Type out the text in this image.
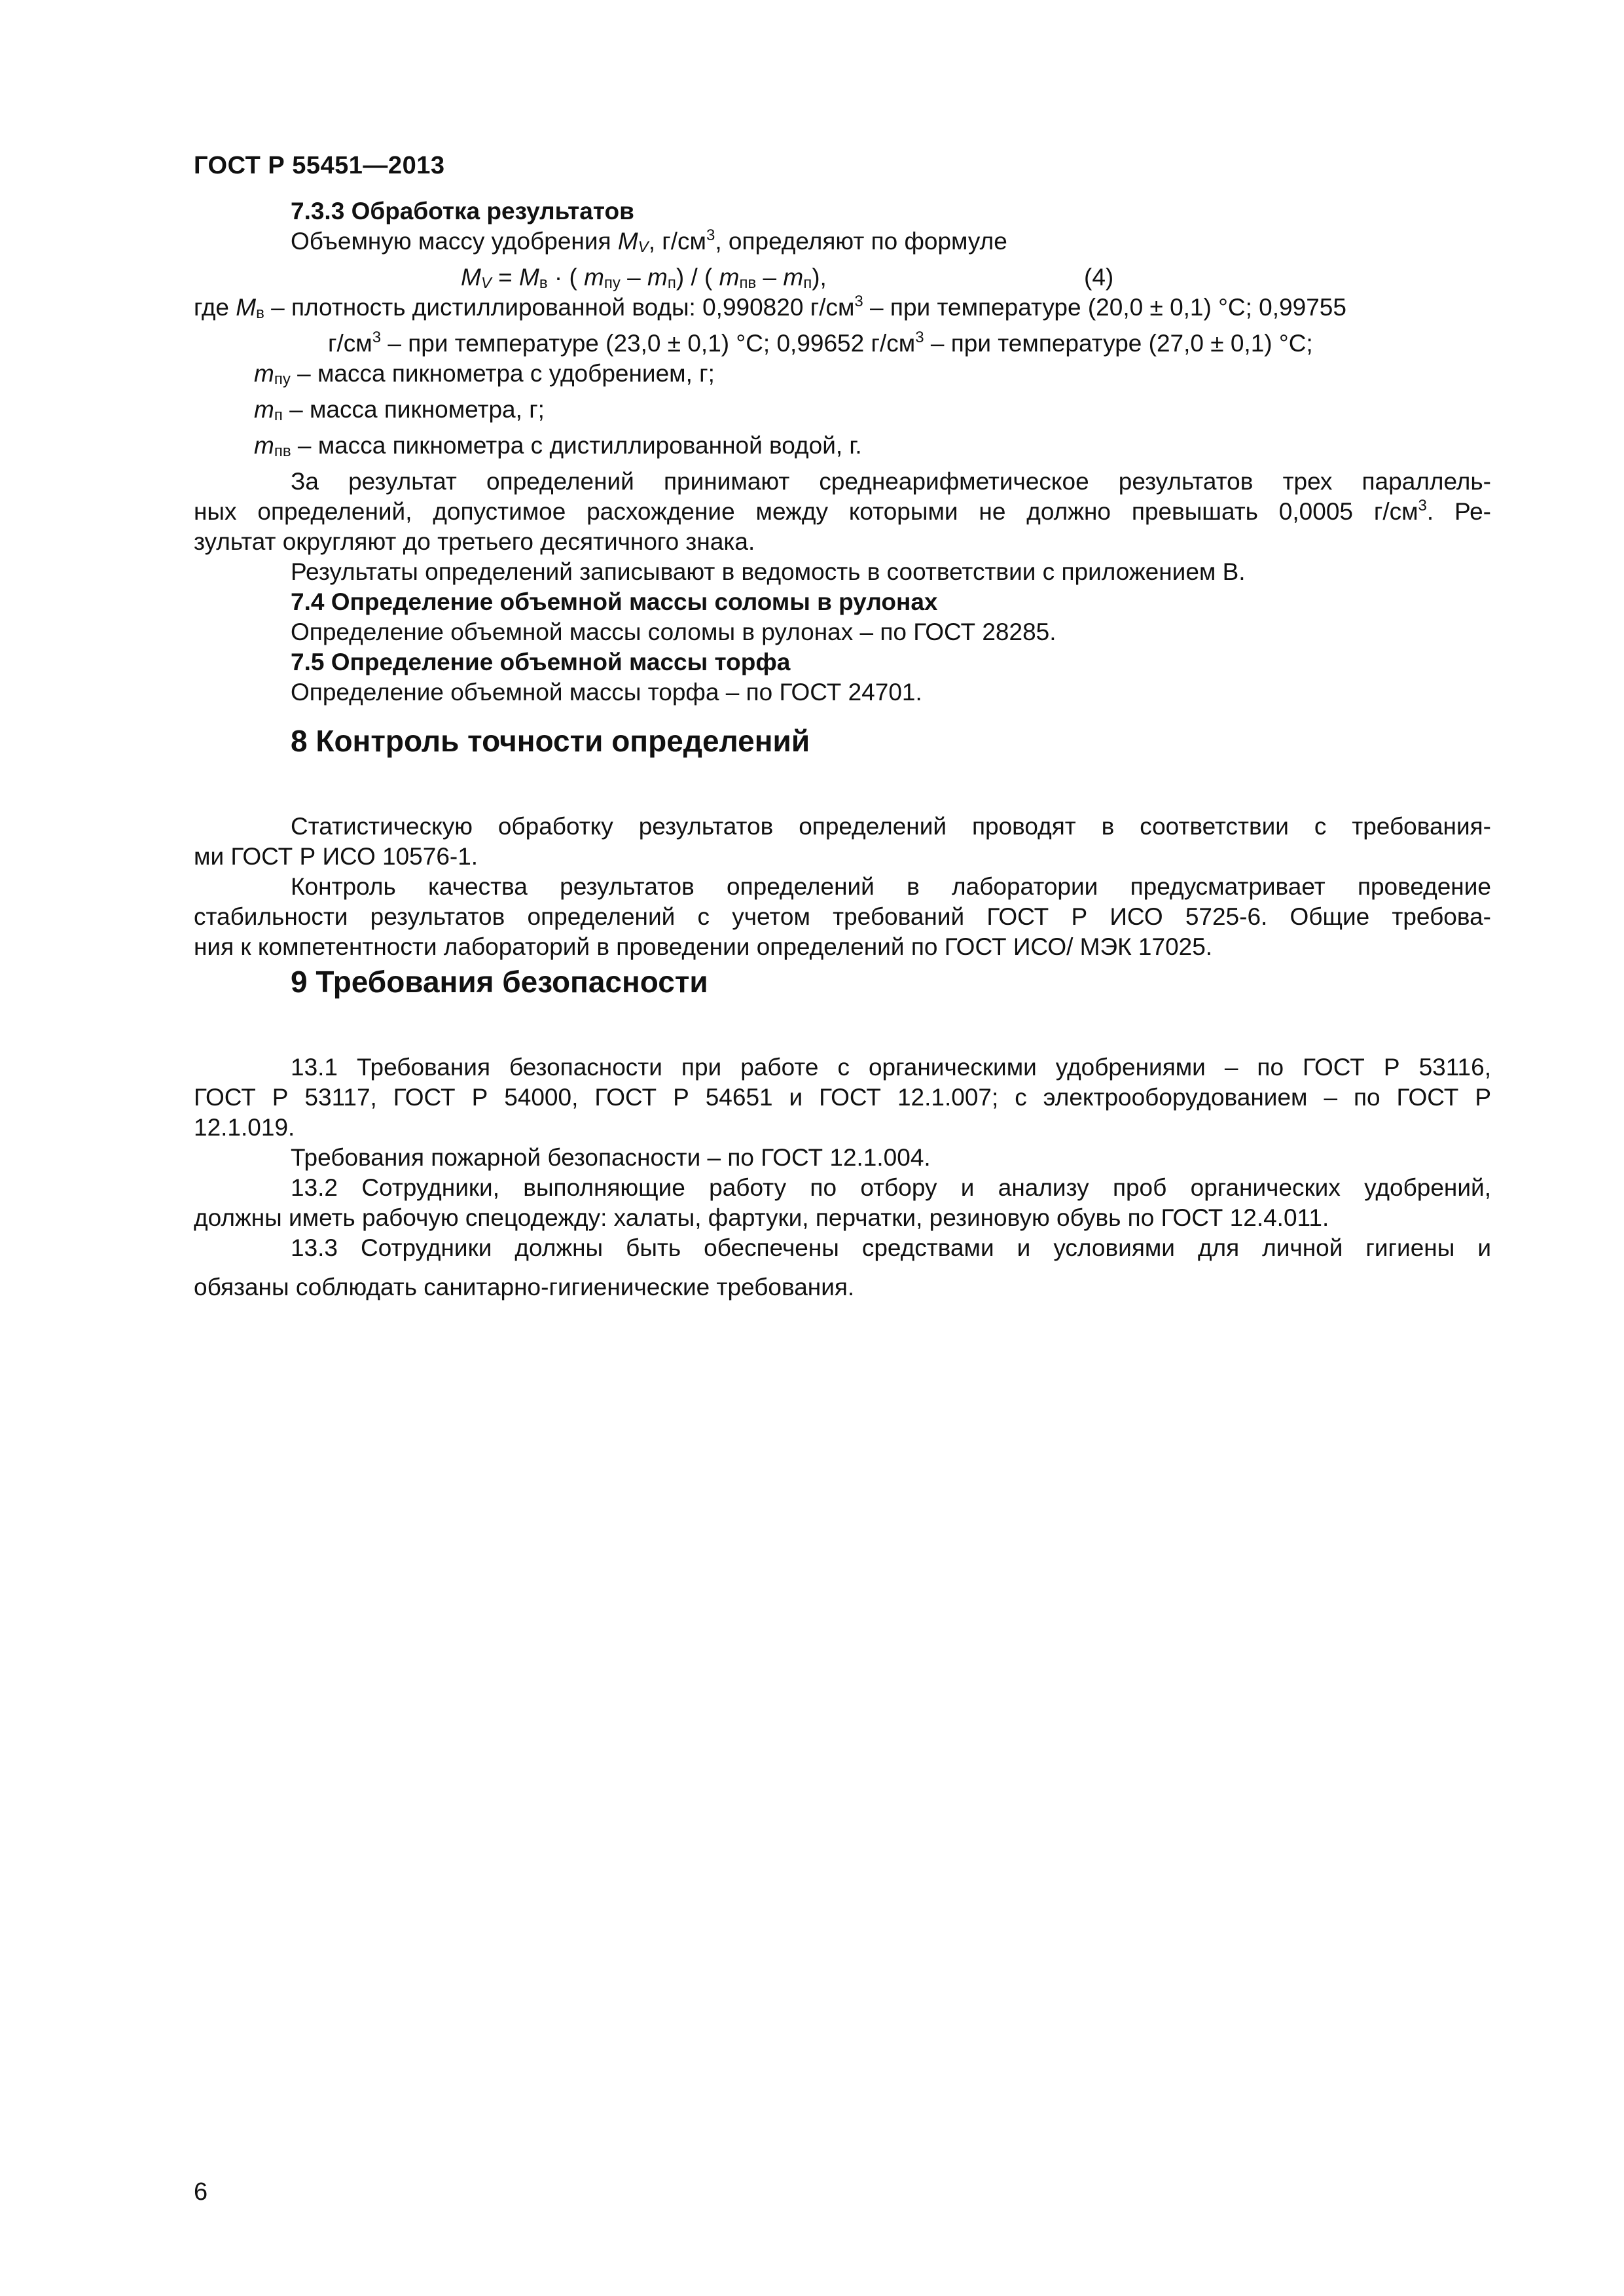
ГОСТ Р 55451—2013
7.3.3 Обработка результатов
Объемную массу удобрения $M_V$, $г/см^3$, определяют по формуле
$M_V = M_в$ · ( $m_{пу} - m_п$) / ( $m_{пв} - m_п$),	(4)
где $M_в$ – плотность дистиллированной воды: 0,990820 $г/см^3$ – при температуре (20,0 ± 0,1) °С; 0,99755
$г/см^3$ – при температуре (23,0 ± 0,1) °С; 0,99652 $г/см^3$ – при температуре (27,0 ± 0,1) °С;
$m_{пу}$ – масса пикнометра с удобрением, г;
$m_п$ – масса пикнометра, г;
$m_{пв}$ – масса пикнометра с дистиллированной водой, г.
За результат определений принимают среднеарифметическое результатов трех параллель-
ных определений, допустимое расхождение между которыми не должно превышать 0,0005 $г/см^3$. Ре-
зультат округляют до третьего десятичного знака.
Результаты определений записывают в ведомость в соответствии с приложением В.
7.4 Определение объемной массы соломы в рулонах
Определение объемной массы соломы в рулонах – по ГОСТ 28285.
7.5 Определение объемной массы торфа
Определение объемной массы торфа – по ГОСТ 24701.
8 Контроль точности определений
Статистическую обработку результатов определений проводят в соответствии с требования-
ми ГОСТ Р ИСО 10576-1.
Контроль качества результатов определений в лаборатории предусматривает проведение
стабильности результатов определений с учетом требований ГОСТ Р ИСО 5725-6. Общие требова-
ния к компетентности лабораторий в проведении определений по ГОСТ ИСО/ МЭК 17025.
9 Требования безопасности
13.1 Требования безопасности при работе с органическими удобрениями – по ГОСТ Р 53116,
ГОСТ Р 53117, ГОСТ Р 54000, ГОСТ Р 54651 и ГОСТ 12.1.007; с электрооборудованием – по ГОСТ Р
12.1.019.
Требования пожарной безопасности – по ГОСТ 12.1.004.
13.2 Сотрудники, выполняющие работу по отбору и анализу проб органических удобрений,
должны иметь рабочую спецодежду: халаты, фартуки, перчатки, резиновую обувь по ГОСТ 12.4.011.
13.3 Сотрудники должны быть обеспечены средствами и условиями для личной гигиены и
обязаны соблюдать санитарно-гигиенические требования.
6
